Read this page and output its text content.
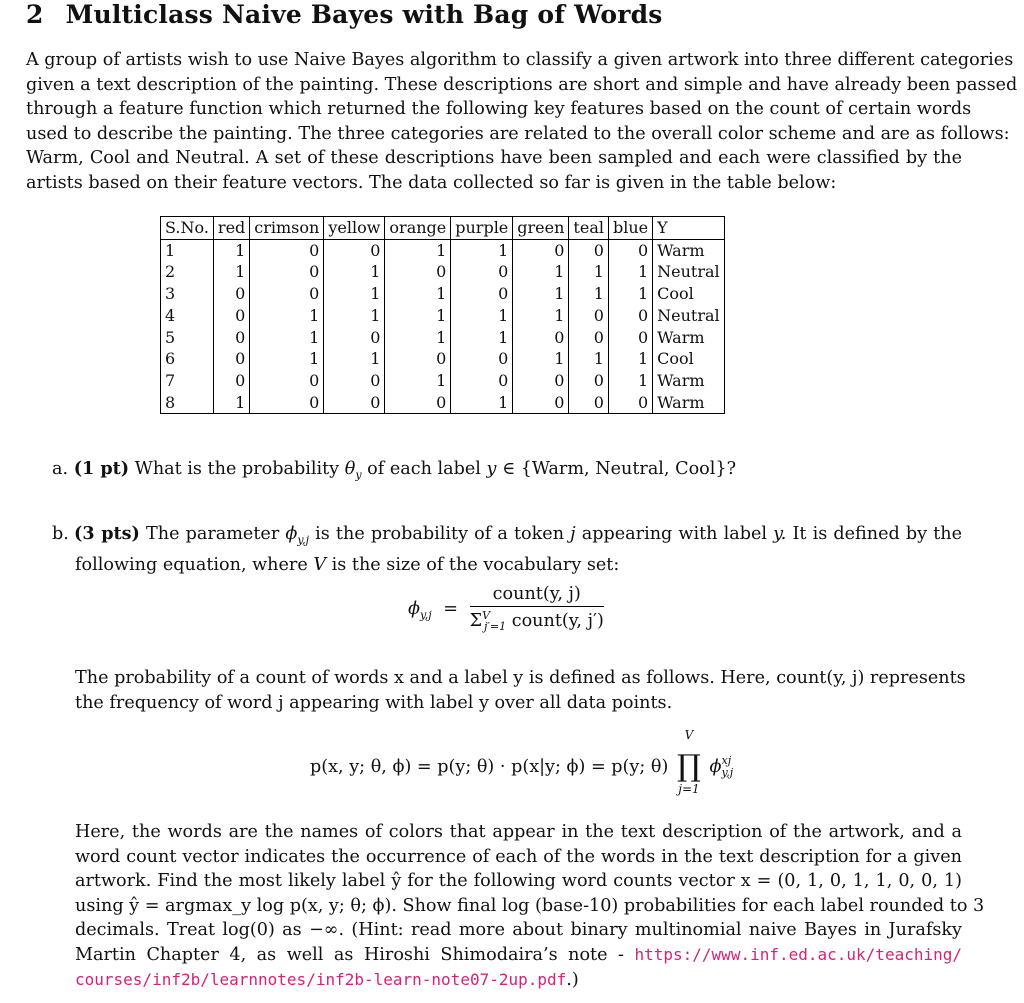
2 Multiclass Naive Bayes with Bag of Words
A group of artists wish to use Naive Bayes algorithm to classify a given artwork into three different categories
given a text description of the painting. These descriptions are short and simple and have already been passed
through a feature function which returned the following key features based on the count of certain words
used to describe the painting. The three categories are related to the overall color scheme and are as follows:
Warm, Cool and Neutral. A set of these descriptions have been sampled and each were classified by the
artists based on their feature vectors. The data collected so far is given in the table below:
S.No.	red	crimson	yellow	orange	purple	green	teal	blue	Y
1	1	0	0	1	1	0	0	0	Warm
2	1	0	1	0	0	1	1	1	Neutral
3	0	0	1	1	0	1	1	1	Cool
4	0	1	1	1	1	1	0	0	Neutral
5	0	1	0	1	1	0	0	0	Warm
6	0	1	1	0	0	1	1	1	Cool
7	0	0	0	1	0	0	0	1	Warm
8	1	0	0	0	1	0	0	0	Warm
a. (1 pt) What is the probability $\theta_y$ of each label y ∈ {Warm, Neutral, Cool}?
b. (3 pts) The parameter $\phi_{y,j}$ is the probability of a token j appearing with label y. It is defined by the
following equation, where V is the size of the vocabulary set:
$\phi_{y,j} = \frac{\text{count(y, j)}}{\Sigma^V_{j'=1} count(y, j')}$
The probability of a count of words x and a label y is defined as follows. Here, count(y, j) represents
the frequency of word j appearing with label y over all data points.
p(x, y; θ, ϕ) = p(y; θ) · p(x|y; ϕ) = p(y; θ)
V
∏
j=1
ϕ xj
y,j
Here, the words are the names of colors that appear in the text description of the artwork, and a
word count vector indicates the occurrence of each of the words in the text description for a given
artwork. Find the most likely label ŷ for the following word counts vector x = (0, 1, 0, 1, 1, 0, 0, 1)
using ŷ = argmax_y log p(x, y; θ; ϕ). Show final log (base-10) probabilities for each label rounded to 3
decimals. Treat log(0) as −∞. (Hint: read more about binary multinomial naive Bayes in Jurafsky
Martin Chapter 4, as well as Hiroshi Shimodaira’s note - https://www.inf.ed.ac.uk/teaching/
courses/inf2b/learnnotes/inf2b-learn-note07-2up.pdf.)
